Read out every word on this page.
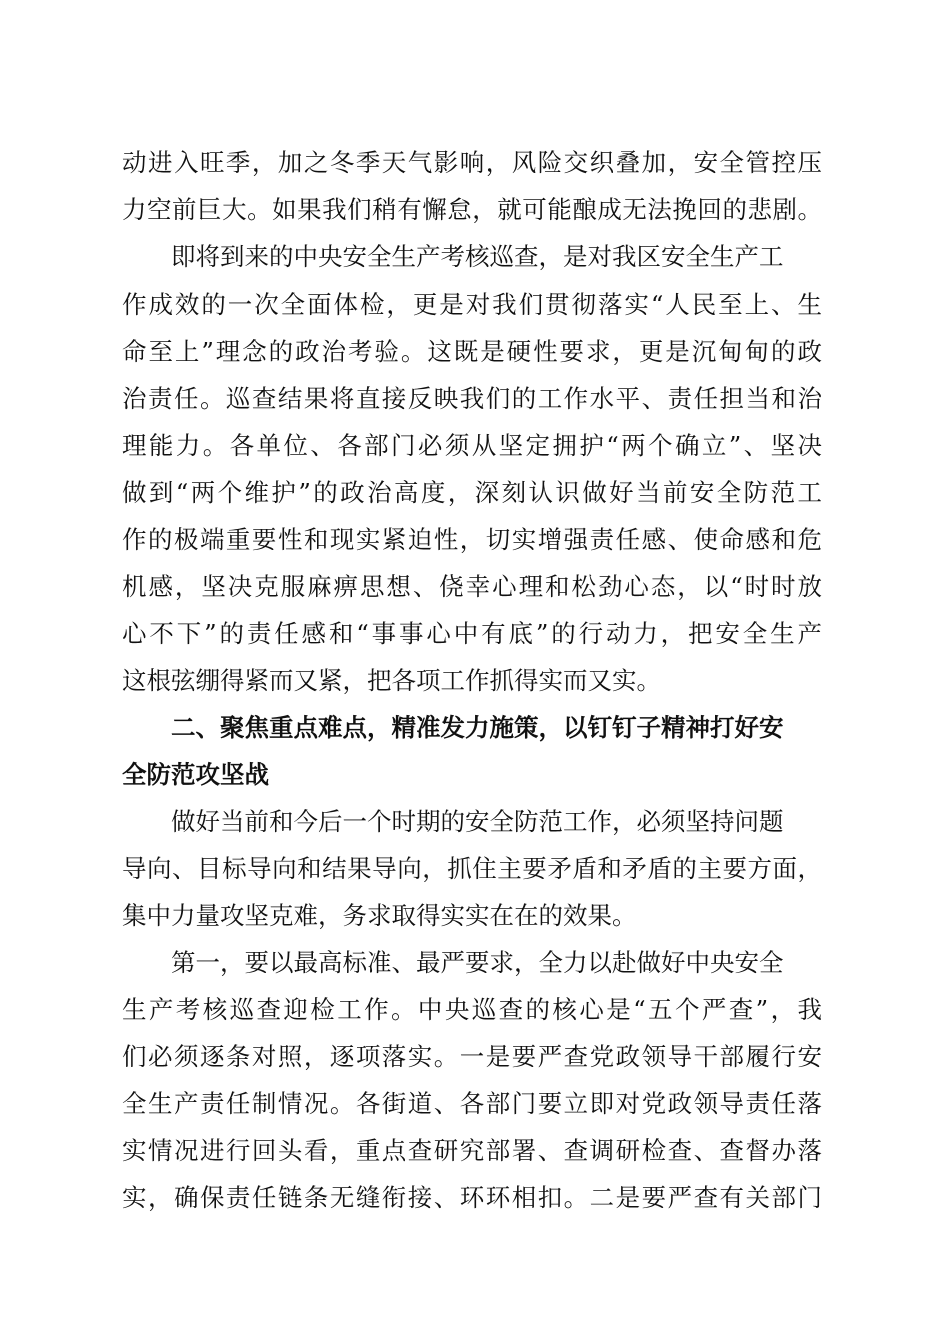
动进入旺季，加之冬季天气影响，风险交织叠加，安全管控压
力空前巨大。如果我们稍有懈怠，就可能酿成无法挽回的悲剧。
即将到来的中央安全生产考核巡查，是对我区安全生产工
作成效的一次全面体检，更是对我们贯彻落实“人民至上、生
命至上”理念的政治考验。这既是硬性要求，更是沉甸甸的政
治责任。巡查结果将直接反映我们的工作水平、责任担当和治
理能力。各单位、各部门必须从坚定拥护“两个确立”、坚决
做到“两个维护”的政治高度，深刻认识做好当前安全防范工
作的极端重要性和现实紧迫性，切实增强责任感、使命感和危
机感，坚决克服麻痹思想、侥幸心理和松劲心态，以“时时放
心不下”的责任感和“事事心中有底”的行动力，把安全生产
这根弦绷得紧而又紧，把各项工作抓得实而又实。
二、聚焦重点难点，精准发力施策，以钉钉子精神打好安
全防范攻坚战
做好当前和今后一个时期的安全防范工作，必须坚持问题
导向、目标导向和结果导向，抓住主要矛盾和矛盾的主要方面，
集中力量攻坚克难，务求取得实实在在的效果。
第一，要以最高标准、最严要求，全力以赴做好中央安全
生产考核巡查迎检工作。中央巡查的核心是“五个严查”，我
们必须逐条对照，逐项落实。一是要严查党政领导干部履行安
全生产责任制情况。各街道、各部门要立即对党政领导责任落
实情况进行回头看，重点查研究部署、查调研检查、查督办落
实，确保责任链条无缝衔接、环环相扣。二是要严查有关部门
